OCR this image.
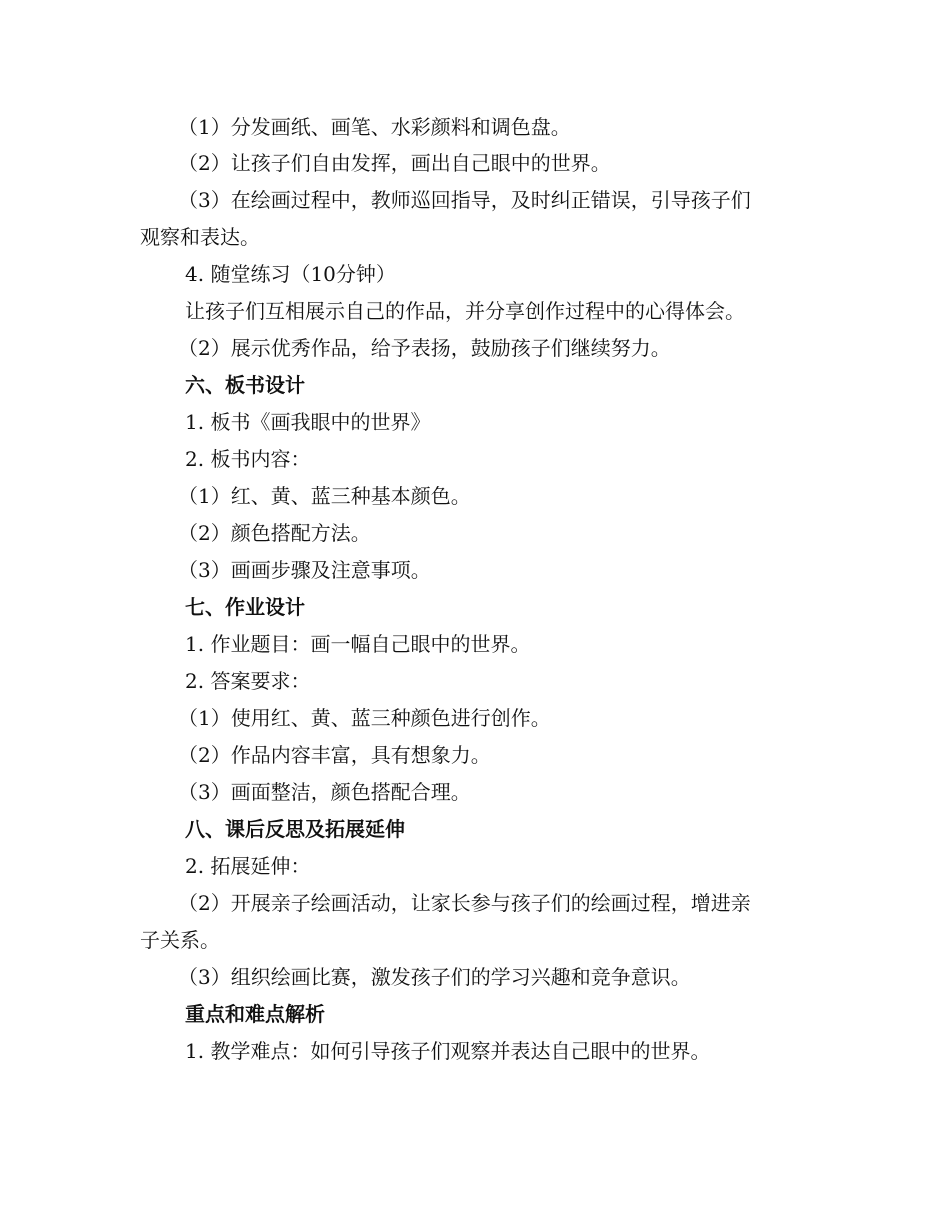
（1）分发画纸、画笔、水彩颜料和调色盘。
（2）让孩子们自由发挥，画出自己眼中的世界。
（3）在绘画过程中，教师巡回指导，及时纠正错误，引导孩子们
观察和表达。
4. 随堂练习（10分钟）
让孩子们互相展示自己的作品，并分享创作过程中的心得体会。
（2）展示优秀作品，给予表扬，鼓励孩子们继续努力。
六、板书设计
1. 板书《画我眼中的世界》
2. 板书内容：
（1）红、黄、蓝三种基本颜色。
（2）颜色搭配方法。
（3）画画步骤及注意事项。
七、作业设计
1. 作业题目：画一幅自己眼中的世界。
2. 答案要求：
（1）使用红、黄、蓝三种颜色进行创作。
（2）作品内容丰富，具有想象力。
（3）画面整洁，颜色搭配合理。
八、课后反思及拓展延伸
2. 拓展延伸：
（2）开展亲子绘画活动，让家长参与孩子们的绘画过程，增进亲
子关系。
（3）组织绘画比赛，激发孩子们的学习兴趣和竞争意识。
重点和难点解析
1. 教学难点：如何引导孩子们观察并表达自己眼中的世界。
